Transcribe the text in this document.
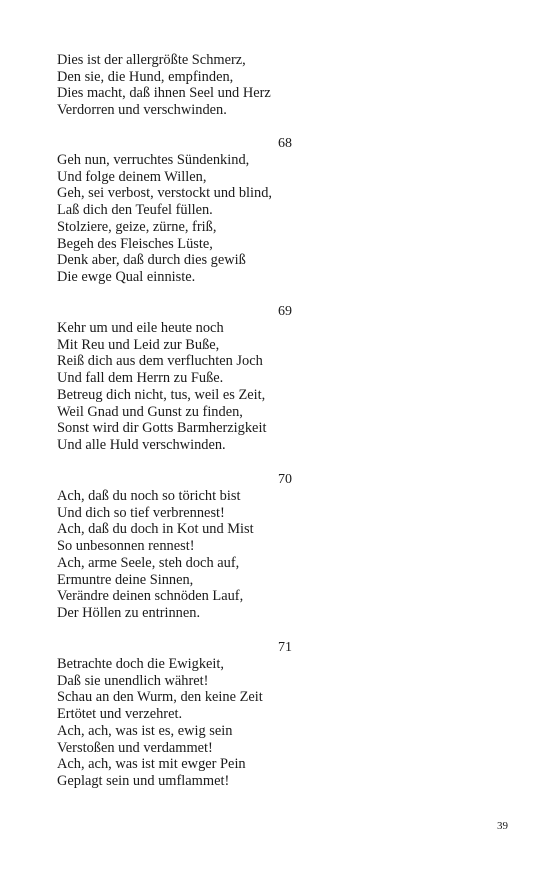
Dies ist der allergrößte Schmerz,
Den sie, die Hund, empfinden,
Dies macht, daß ihnen Seel und Herz
Verdorren und verschwinden.

68

Geh nun, verruchtes Sündenkind,
Und folge deinem Willen,
Geh, sei verbost, verstockt und blind,
Laß dich den Teufel füllen.
Stolziere, geize, zürne, friß,
Begeh des Fleisches Lüste,
Denk aber, daß durch dies gewiß
Die ewge Qual einniste.

69

Kehr um und eile heute noch
Mit Reu und Leid zur Buße,
Reiß dich aus dem verfluchten Joch
Und fall dem Herrn zu Fuße.
Betreug dich nicht, tus, weil es Zeit,
Weil Gnad und Gunst zu finden,
Sonst wird dir Gotts Barmherzigkeit
Und alle Huld verschwinden.

70

Ach, daß du noch so töricht bist
Und dich so tief verbrennest!
Ach, daß du doch in Kot und Mist
So unbesonnen rennest!
Ach, arme Seele, steh doch auf,
Ermuntre deine Sinnen,
Verändre deinen schnöden Lauf,
Der Höllen zu entrinnen.

71

Betrachte doch die Ewigkeit,
Daß sie unendlich währet!
Schau an den Wurm, den keine Zeit
Ertötet und verzehret.
Ach, ach, was ist es, ewig sein
Verstoßen und verdammet!
Ach, ach, was ist mit ewger Pein
Geplagt sein und umflammet!
39
